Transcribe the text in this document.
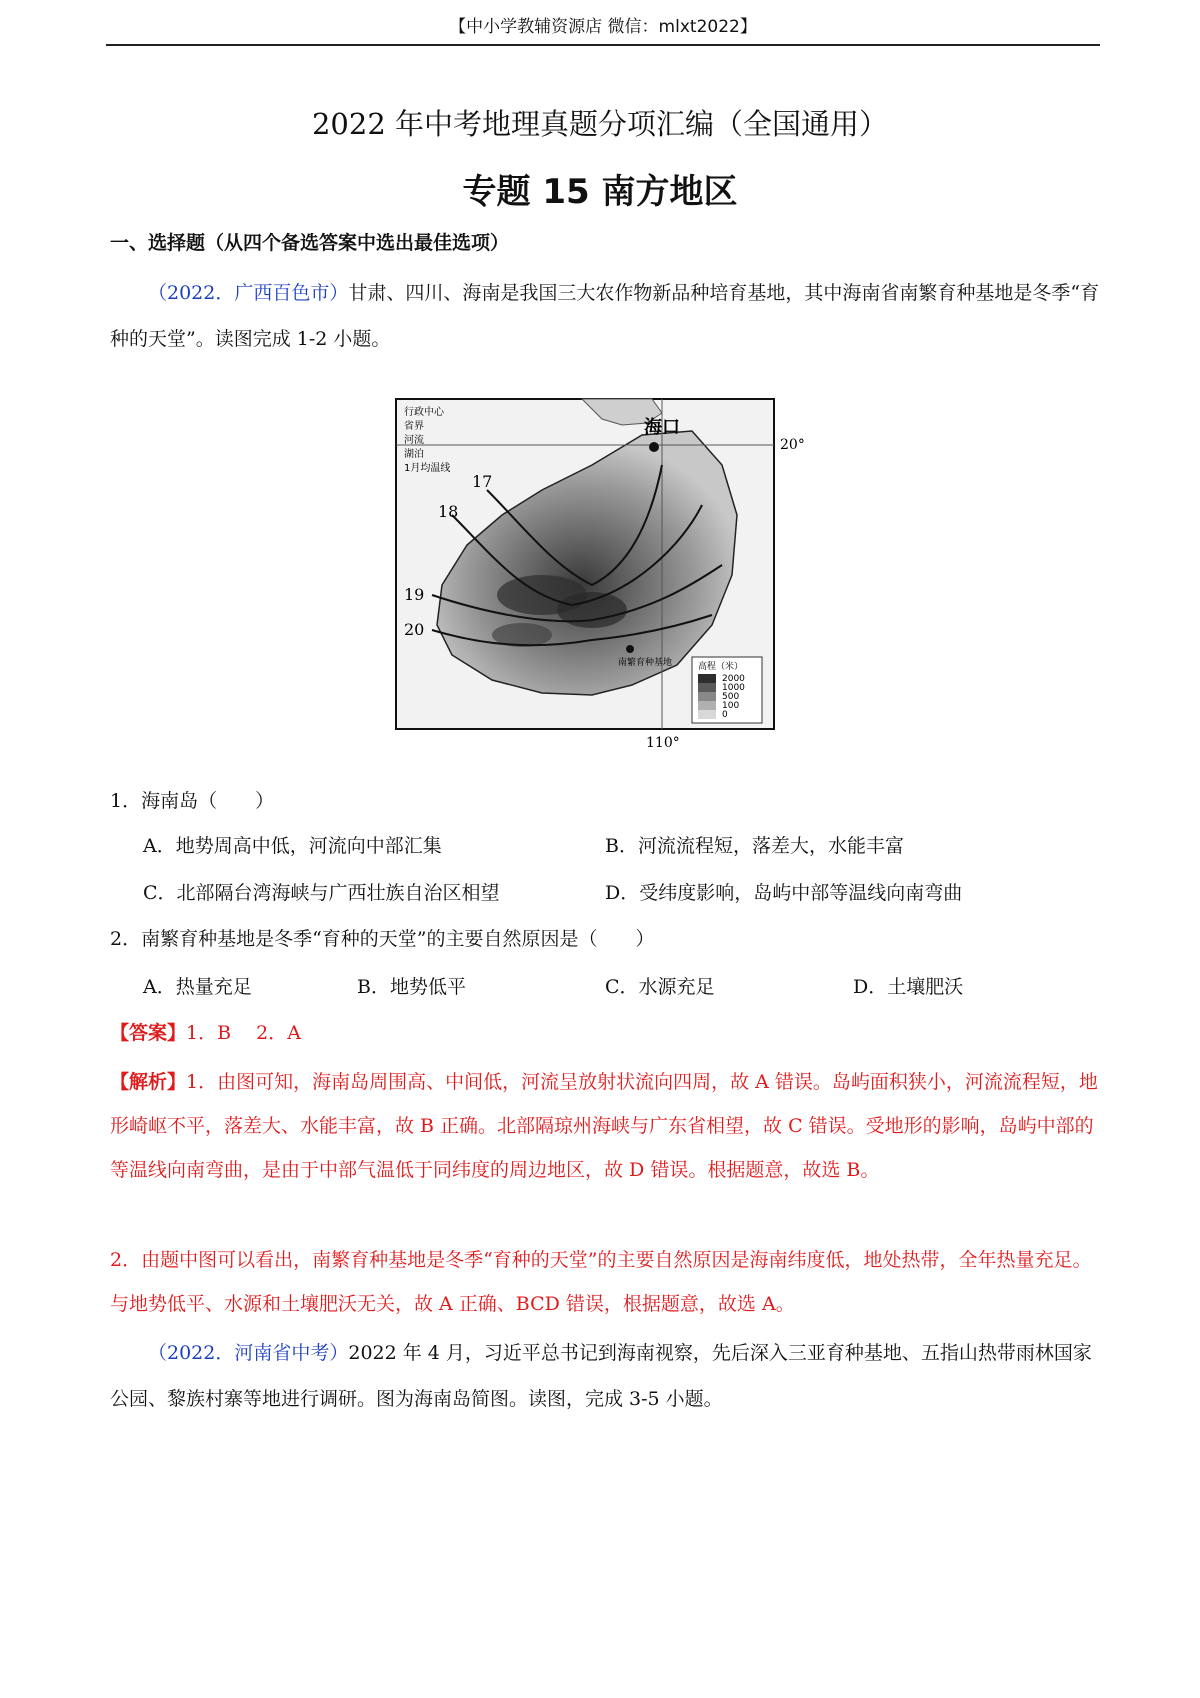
【中小学教辅资源店 微信：mlxt2022】
2022 年中考地理真题分项汇编（全国通用）
专题 15 南方地区
一、选择题（从四个备选答案中选出最佳选项）
（2022．广西百色市）甘肃、四川、海南是我国三大农作物新品种培育基地，其中海南省南繁育种基地是冬季“育种的天堂”。读图完成 1-2 小题。
17
18
19
20
海口
南繁育种基地
20°
110°
行政中心
省界
河流
湖泊
1月均温线
高程（米）
2000
1000
500
100
0
1．海南岛（　　）
A．地势周高中低，河流向中部汇集	B．河流流程短，落差大，水能丰富
C．北部隔台湾海峡与广西壮族自治区相望	D．受纬度影响，岛屿中部等温线向南弯曲
2．南繁育种基地是冬季“育种的天堂”的主要自然原因是（　　）
A．热量充足	B．地势低平	C．水源充足	D．土壤肥沃
【答案】1．B　 2．A
【解析】1．由图可知，海南岛周围高、中间低，河流呈放射状流向四周，故 A 错误。岛屿面积狭小，河流流程短，地形崎岖不平，落差大、水能丰富，故 B 正确。北部隔琼州海峡与广东省相望，故 C 错误。受地形的影响，岛屿中部的等温线向南弯曲，是由于中部气温低于同纬度的周边地区，故 D 错误。根据题意，故选 B。
2．由题中图可以看出，南繁育种基地是冬季“育种的天堂”的主要自然原因是海南纬度低，地处热带，全年热量充足。与地势低平、水源和土壤肥沃无关，故 A 正确、BCD 错误，根据题意，故选 A。
（2022．河南省中考）2022 年 4 月，习近平总书记到海南视察，先后深入三亚育种基地、五指山热带雨林国家公园、黎族村寨等地进行调研。图为海南岛简图。读图，完成 3-5 小题。
